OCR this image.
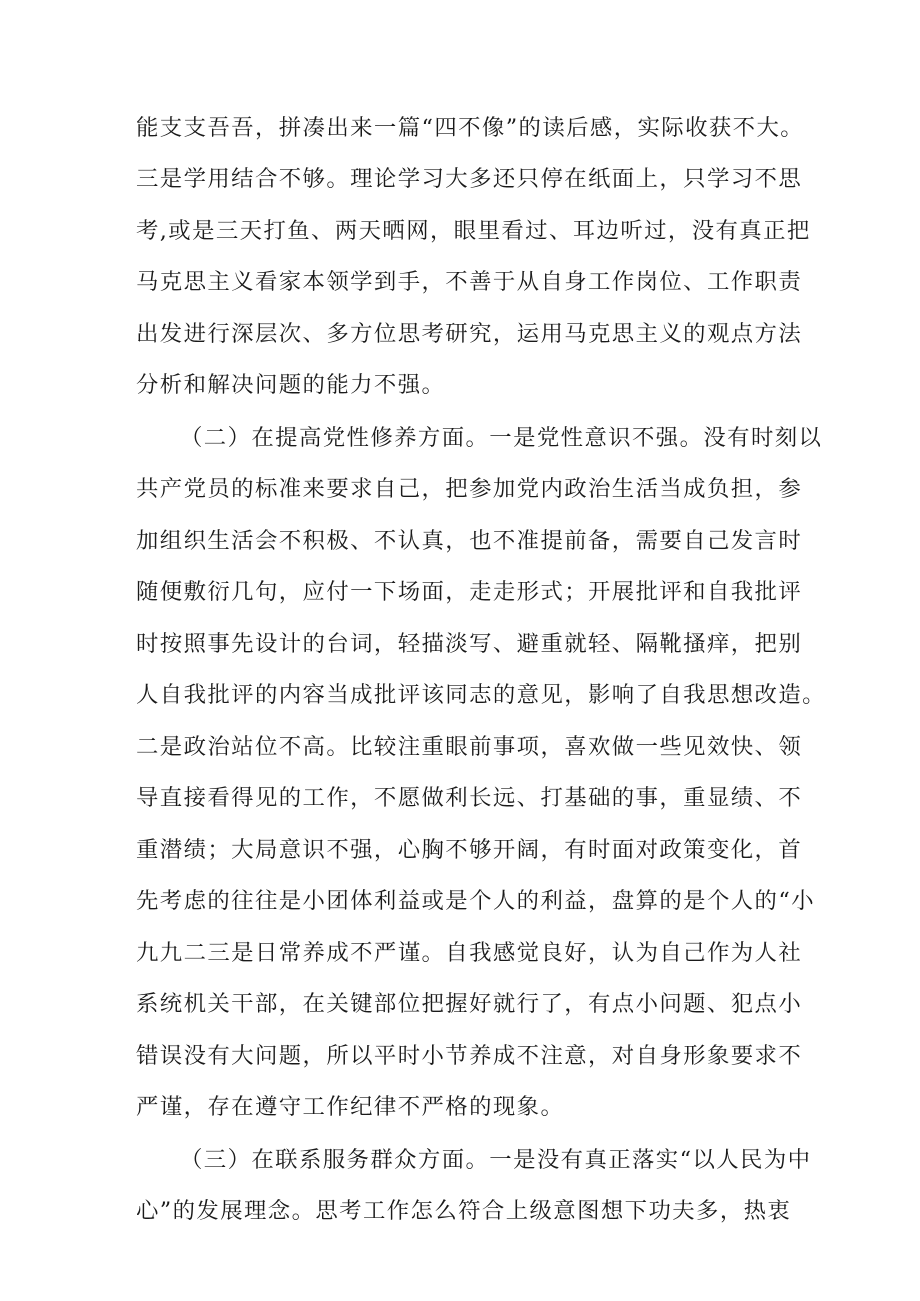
能支支吾吾，拼凑出来一篇“四不像”的读后感，实际收获不大。
三是学用结合不够。理论学习大多还只停在纸面上，只学习不思
考,或是三天打鱼、两天晒网，眼里看过、耳边听过，没有真正把
马克思主义看家本领学到手，不善于从自身工作岗位、工作职责
出发进行深层次、多方位思考研究，运用马克思主义的观点方法
分析和解决问题的能力不强。
（二）在提高党性修养方面。一是党性意识不强。没有时刻以
共产党员的标准来要求自己，把参加党内政治生活当成负担，参
加组织生活会不积极、不认真，也不准提前备，需要自己发言时
随便敷衍几句，应付一下场面，走走形式；开展批评和自我批评
时按照事先设计的台词，轻描淡写、避重就轻、隔靴搔痒，把别
人自我批评的内容当成批评该同志的意见，影响了自我思想改造。
二是政治站位不高。比较注重眼前事项，喜欢做一些见效快、领
导直接看得见的工作，不愿做利长远、打基础的事，重显绩、不
重潜绩；大局意识不强，心胸不够开阔，有时面对政策变化，首
先考虑的往往是小团体利益或是个人的利益，盘算的是个人的“小
九九二三是日常养成不严谨。自我感觉良好，认为自己作为人社
系统机关干部，在关键部位把握好就行了，有点小问题、犯点小
错误没有大问题，所以平时小节养成不注意，对自身形象要求不
严谨，存在遵守工作纪律不严格的现象。
（三）在联系服务群众方面。一是没有真正落实“以人民为中
心”的发展理念。思考工作怎么符合上级意图想下功夫多，热衷
